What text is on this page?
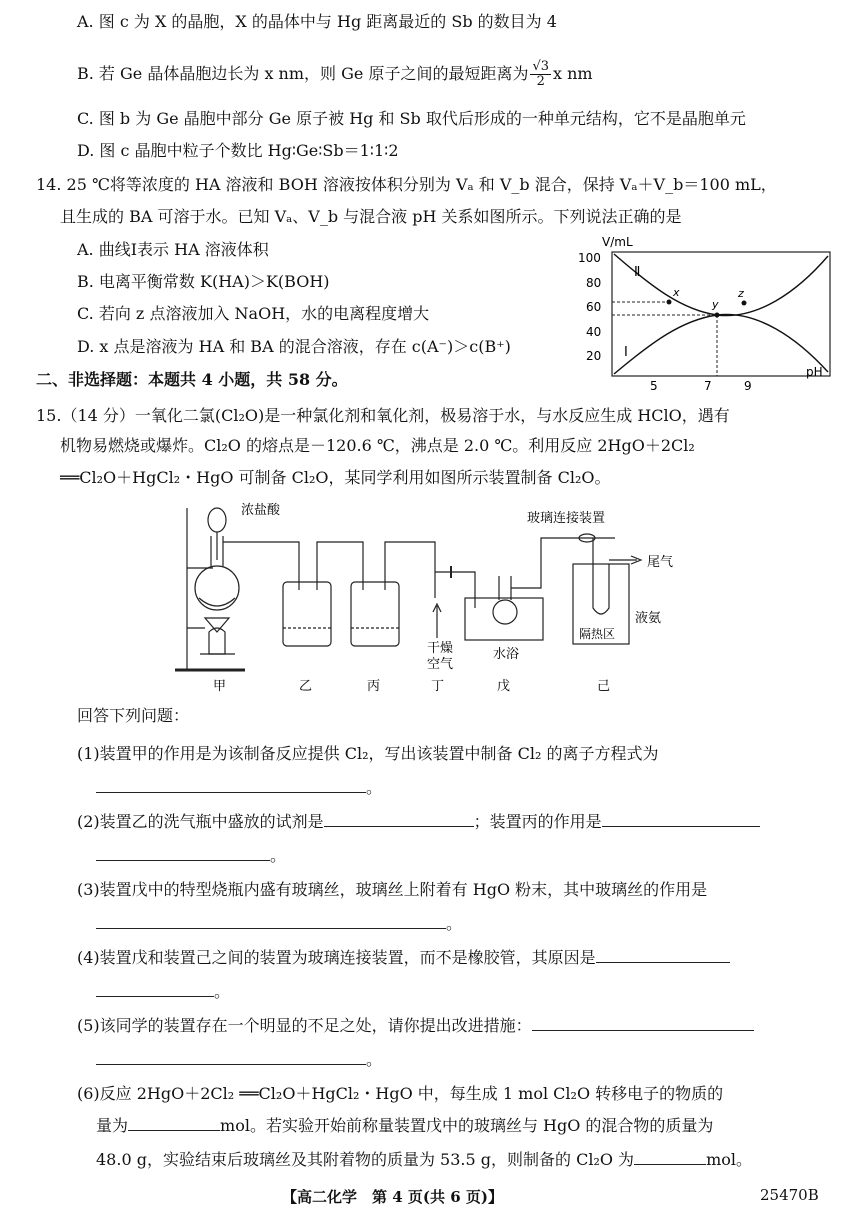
A. 图 c 为 X 的晶胞，X 的晶体中与 Hg 距离最近的 Sb 的数目为 4
B. 若 Ge 晶体晶胞边长为 x nm，则 Ge 原子之间的最短距离为 $\frac{√3}{2}$ x nm
C. 图 b 为 Ge 晶胞中部分 Ge 原子被 Hg 和 Sb 取代后形成的一种单元结构，它不是晶胞单元
D. 图 c 晶胞中粒子个数比 Hg∶Ge∶Sb＝1∶1∶2
14. 25 ℃将等浓度的 HA 溶液和 BOH 溶液按体积分别为 Vₐ 和 V_b 混合，保持 Vₐ＋V_b＝100 mL，
且生成的 BA 可溶于水。已知 Vₐ、V_b 与混合液 pH 关系如图所示。下列说法正确的是
A. 曲线Ⅰ表示 HA 溶液体积
B. 电离平衡常数 K(HA)＞K(BOH)
C. 若向 z 点溶液加入 NaOH，水的电离程度增大
D. x 点是溶液为 HA 和 BA 的混合溶液，存在 c(A⁻)＞c(B⁺)
V/mL
100
80
60
40
20
5	7	9
pH
Ⅱ
Ⅰ
x
y
z
二、非选择题：本题共 4 小题，共 58 分。
15.（14 分）一氧化二氯(Cl₂O)是一种氯化剂和氧化剂，极易溶于水，与水反应生成 HClO，遇有
机物易燃烧或爆炸。Cl₂O 的熔点是－120.6 ℃，沸点是 2.0 ℃。利用反应 2HgO＋2Cl₂
══Cl₂O＋HgCl₂・HgO 可制备 Cl₂O，某同学利用如图所示装置制备 Cl₂O。
浓盐酸
玻璃连接装置
尾气
干燥
空气
水浴
隔热区
液氨
甲	乙	丙	丁	戊	己
回答下列问题：
(1)装置甲的作用是为该制备反应提供 Cl₂，写出该装置中制备 Cl₂ 的离子方程式为
。
(2)装置乙的洗气瓶中盛放的试剂是	；装置丙的作用是
。
(3)装置戊中的特型烧瓶内盛有玻璃丝，玻璃丝上附着有 HgO 粉末，其中玻璃丝的作用是
。
(4)装置戊和装置己之间的装置为玻璃连接装置，而不是橡胶管，其原因是
。
(5)该同学的装置存在一个明显的不足之处，请你提出改进措施：
。
(6)反应 2HgO＋2Cl₂ ══Cl₂O＋HgCl₂・HgO 中，每生成 1 mol Cl₂O 转移电子的物质的
量为	mol。若实验开始前称量装置戊中的玻璃丝与 HgO 的混合物的质量为
48.0 g，实验结束后玻璃丝及其附着物的质量为 53.5 g，则制备的 Cl₂O 为	mol。
【高二化学　第 4 页(共 6 页)】	25470B
